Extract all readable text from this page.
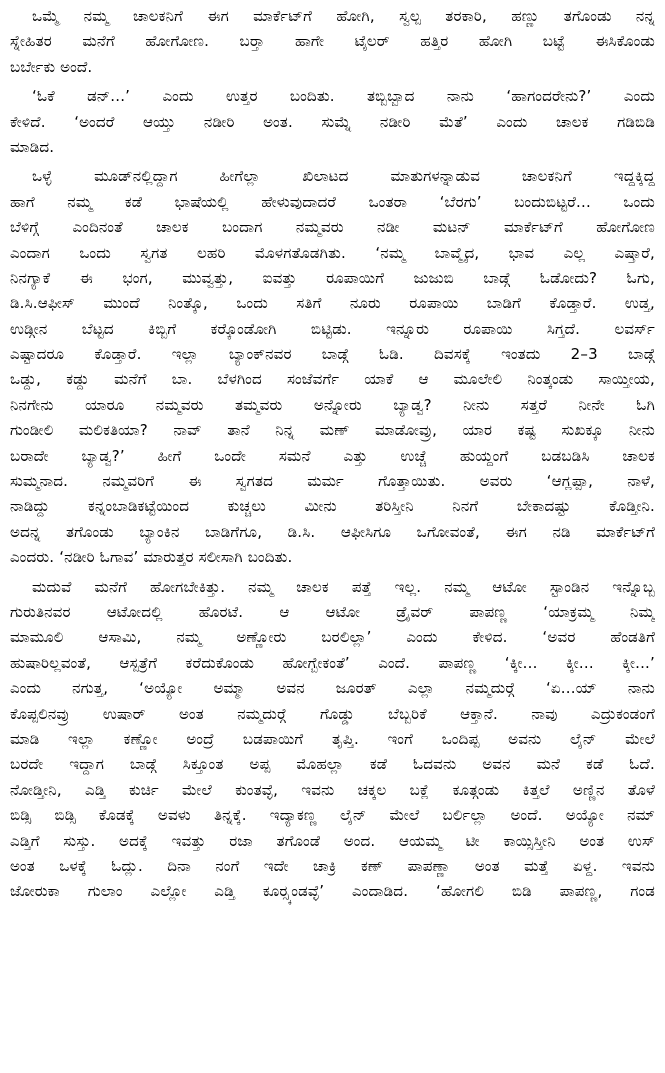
ಒಮ್ಮೆ ನಮ್ಮ ಚಾಲಕನಿಗೆ ಈಗ ಮಾರ್ಕೆಟ್‌ಗೆ ಹೋಗಿ, ಸ್ವಲ್ಪ ತರಕಾರಿ, ಹಣ್ಣು ತಗೊಂಡು ನನ್ನ
ಸ್ನೇಹಿತರ ಮನೆಗೆ ಹೋಗೋಣ. ಬರ್‍ತಾ ಹಾಗೇ ಟೈಲರ್ ಹತ್ತಿರ ಹೋಗಿ ಬಟ್ಟೆ ಈಸಿಕೊಂಡು
ಬರ್ಬೇಕು ಅಂದೆ.
‘ಓಕೆ ಡನ್...’ ಎಂದು ಉತ್ತರ ಬಂದಿತು. ತಬ್ಬಿಬ್ಬಾದ ನಾನು ‘ಹಾಗಂದರೇನು?’ ಎಂದು
ಕೇಳಿದೆ. ‘ಅಂದರೆ ಆಯ್ತು ನಡೀರಿ ಅಂತ. ಸುಮ್ನೆ ನಡೀರಿ ಮೆತೆ’ ಎಂದು ಚಾಲಕ ಗಡಿಬಿಡಿ
ಮಾಡಿದ.
ಒಳ್ಳೆ ಮೂಡ್‌ನಲ್ಲಿದ್ದಾಗ ಹೀಗೆಲ್ಲಾ ಖಿಲಾಟದ ಮಾತುಗಳನ್ನಾಡುವ ಚಾಲಕನಿಗೆ ಇದ್ದಕ್ಕಿದ್ದ
ಹಾಗೆ ನಮ್ಮ ಕಡೆ ಭಾಷೆಯಲ್ಲಿ ಹೇಳುವುದಾದರೆ ಒಂತರಾ ‘ಬೆರಗು’ ಬಂದುಬಿಟ್ಟರೆ... ಒಂದು
ಬೆಳಿಗ್ಗೆ ಎಂದಿನಂತೆ ಚಾಲಕ ಬಂದಾಗ ನಮ್ಮವರು ನಡೀ ಮಟನ್ ಮಾರ್ಕೆಟ್‌ಗೆ ಹೋಗೋಣ
ಎಂದಾಗ ಒಂದು ಸ್ವಗತ ಲಹರಿ ಮೊಳಗತೊಡಗಿತು. ‘ನಮ್ಮ ಬಾವ್ಮೈದ, ಭಾವ ಎಲ್ಲ ಎಷ್ತಾರೆ,
ನಿನಗ್ಯಾಕೆ ಈ ಭಂಗ, ಮುವ್ವತ್ತು, ಐವತ್ತು ರೂಪಾಯಿಗೆ ಜುಜುಬಿ ಬಾಡ್ಗೆ ಓಡೋದು? ಓಗು,
ಡಿ.ಸಿ.ಆಫೀಸ್ ಮುಂದೆ ನಿಂತ್ಕೊ, ಒಂದು ಸತಿಗೆ ನೂರು ರೂಪಾಯಿ ಬಾಡಿಗೆ ಕೊಡ್ತಾರೆ. ಉಡ್ತ,
ಉಡ್ಗೀನ ಬೆಟ್ಟದ ಕಿಬ್ಬಿಗೆ ಕರ್‍ಕೊಂಡೋಗಿ ಬಿಟ್ಟಿಡು. ಇನ್ನೂರು ರೂಪಾಯಿ ಸಿಗ್ತದೆ. ಲವರ್ಸ್
ಎಷ್ಟಾದರೂ ಕೊಡ್ತಾರೆ. ಇಲ್ಲಾ ಬ್ಯಾಂಕ್‌ನವರ ಬಾಡ್ಗೆ ಓಡಿ. ದಿವಸಕ್ಕೆ ಇಂತದು 2–3 ಬಾಡ್ಗೆ
ಒಡ್ದು, ಕಡ್ದು ಮನೆಗೆ ಬಾ. ಬೆಳಗಿಂದ ಸಂಜೆವರ್ಗೆ ಯಾಕೆ ಆ ಮೂಲೇಲಿ ನಿಂತ್ಕಂಡು ಸಾಯ್ತೀಯ,
ನಿನಗೇನು ಯಾರೂ ನಮ್ಮವರು ತಮ್ಮವರು ಅನ್ನೋರು ಬ್ಯಾಡ್ವ? ನೀನು ಸತ್ತರೆ ನೀನೇ ಓಗಿ
ಗುಂಡೀಲಿ ಮಲಿಕತಿಯಾ? ನಾವ್ ತಾನೆ ನಿನ್ನ ಮಣ್ ಮಾಡೋವ್ರು, ಯಾರ ಕಷ್ಟ ಸುಖಕ್ಕೂ ನೀನು
ಬರಾದೇ ಬ್ಯಾಡ್ವ?’ ಹೀಗೆ ಒಂದೇ ಸಮನೆ ಎತ್ತು ಉಚ್ಚೆ ಹುಯ್ದಂಗೆ ಬಡಬಡಿಸಿ ಚಾಲಕ
ಸುಮ್ಮನಾದ. ನಮ್ಮವರಿಗೆ ಈ ಸ್ವಗತದ ಮರ್ಮ ಗೊತ್ತಾಯಿತು. ಅವರು ‘ಆಗ್ಲಪ್ಪಾ, ನಾಳೆ,
ನಾಡಿದ್ದು ಕನ್ನಂಬಾಡಿಕಟ್ಟೆಯಿಂದ ಕುಚ್ಚಲು ಮೀನು ತರಿಸ್ತೀನಿ ನಿನಗೆ ಬೇಕಾದಷ್ಟು ಕೊಡ್ತೀನಿ.
ಅದನ್ನ ತಗೊಂಡು ಬ್ಯಾಂಕಿನ ಬಾಡಿಗೆಗೂ, ಡಿ.ಸಿ. ಆಫೀಸಿಗೂ ಒಗೋವಂತೆ, ಈಗ ನಡಿ ಮಾರ್ಕೆಟ್‌ಗೆ
ಎಂದರು. ‘ನಡೀರಿ ಓಗಾವ’ ಮಾರುತ್ತರ ಸಲೀಸಾಗಿ ಬಂದಿತು.
ಮದುವೆ ಮನೆಗೆ ಹೋಗಬೇಕಿತ್ತು. ನಮ್ಮ ಚಾಲಕ ಪತ್ತೆ ಇಲ್ಲ. ನಮ್ಮ ಆಟೋ ಸ್ಟಾಂಡಿನ ಇನ್ನೊಬ್ಬ
ಗುರುತಿನವರ ಆಟೋದಲ್ಲಿ ಹೊರಟೆ. ಆ ಆಟೋ ಡ್ರೈವರ್ ಪಾಪಣ್ಣ ‘ಯಾಕ್ರಮ್ಮ ನಿಮ್ಮ
ಮಾಮೂಲಿ ಆಸಾಮಿ, ನಮ್ಮ ಅಣ್ಣೋರು ಬರಲಿಲ್ಲಾ’ ಎಂದು ಕೇಳಿದ. ‘ಅವರ ಹೆಂಡತಿಗೆ
ಹುಷಾರಿಲ್ಲವಂತೆ, ಆಸ್ಪತ್ರೆಗೆ ಕರೆದುಕೊಂಡು ಹೋಗ್ಬೇಕಂತೆ’ ಎಂದೆ. ಪಾಪಣ್ಣ ‘ಕ್ಕೀ... ಕ್ಕೀ... ಕ್ಕೀ...’
ಎಂದು ನಗುತ್ತ, ‘ಅಯ್ಯೋ ಅಮ್ಮಾ ಅವನ ಜೂರತ್ ಎಲ್ಲಾ ನಮ್ಮದುರ್‍ಗೆ ‘ಏ...ಯ್ ನಾನು
ಕೊಪ್ಪಲಿನವ್ರು ಉಷಾರ್ ಅಂತ ನಮ್ಮದುರ್‍ಗೆ ಗೊಡ್ಡು ಬೆಬ್ಬರಿಕೆ ಆಕ್ತಾನೆ. ನಾವು ಎದ್ರುಕಂಡಂಗೆ
ಮಾಡಿ ಇಲ್ಲಾ ಕಣ್ಣೋ ಅಂದ್ರೆ ಬಡಪಾಯಿಗೆ ತೃಪ್ತಿ. ಇಂಗೆ ಒಂದಿಪ್ಪ ಅವನು ಲೈನ್ ಮೇಲೆ
ಬರದೇ ಇದ್ದಾಗ ಬಾಡ್ಗೆ ಸಿಕ್ತೂಂತ ಅಪ್ಪ ಮೊಹಲ್ಲಾ ಕಡೆ ಓದವನು ಅವನ ಮನೆ ಕಡೆ ಓದೆ.
ನೋಡ್ತೀನಿ, ಎಡ್ತಿ ಕುರ್ಚಿ ಮೇಲೆ ಕುಂತವ್ಳೆ, ಇವನು ಚಕ್ಕಲ ಬಕ್ಲೆ ಕೂತ್ಗಂಡು ಕಿತ್ತಲೆ ಅಣ್ಣಿನ ತೊಳೆ
ಬಿಡ್ಸಿ ಬಿಡ್ಸಿ ಕೊಡಕ್ಕೆ ಅವಳು ತಿನ್ನಕ್ಕೆ. ಇದ್ಯಾಕಣ್ಣ ಲೈನ್ ಮೇಲೆ ಬರ್ಲಿಲ್ಲಾ ಅಂದೆ. ಅಯ್ಯೋ ನಮ್
ಎಡ್ತಿಗೆ ಸುಸ್ತು. ಅದಕ್ಕೆ ಇವತ್ತು ರಜಾ ತಗೊಂಡೆ ಅಂದ. ಆಯಮ್ಮ ಟೀ ಕಾಯ್ಸಿಸ್ತೀನಿ ಅಂತ ಉಸ್
ಅಂತ ಒಳಕ್ಕೆ ಓದ್ಲು. ದಿನಾ ನಂಗೆ ಇದೇ ಚಾಕ್ರಿ ಕಣ್ ಪಾಪಣ್ಣಾ ಅಂತ ಮತ್ತೆ ಏಳ್ದ. ಇವನು
ಜೋರುಕಾ ಗುಲಾಂ ಎಲ್ಲೋ ಎಡ್ತಿ ಕೂರ್‍ಸ್ಕಂಡವ್ಳೆ’ ಎಂದಾಡಿದ. ‘ಹೋಗಲಿ ಬಿಡಿ ಪಾಪಣ್ಣ, ಗಂಡ
